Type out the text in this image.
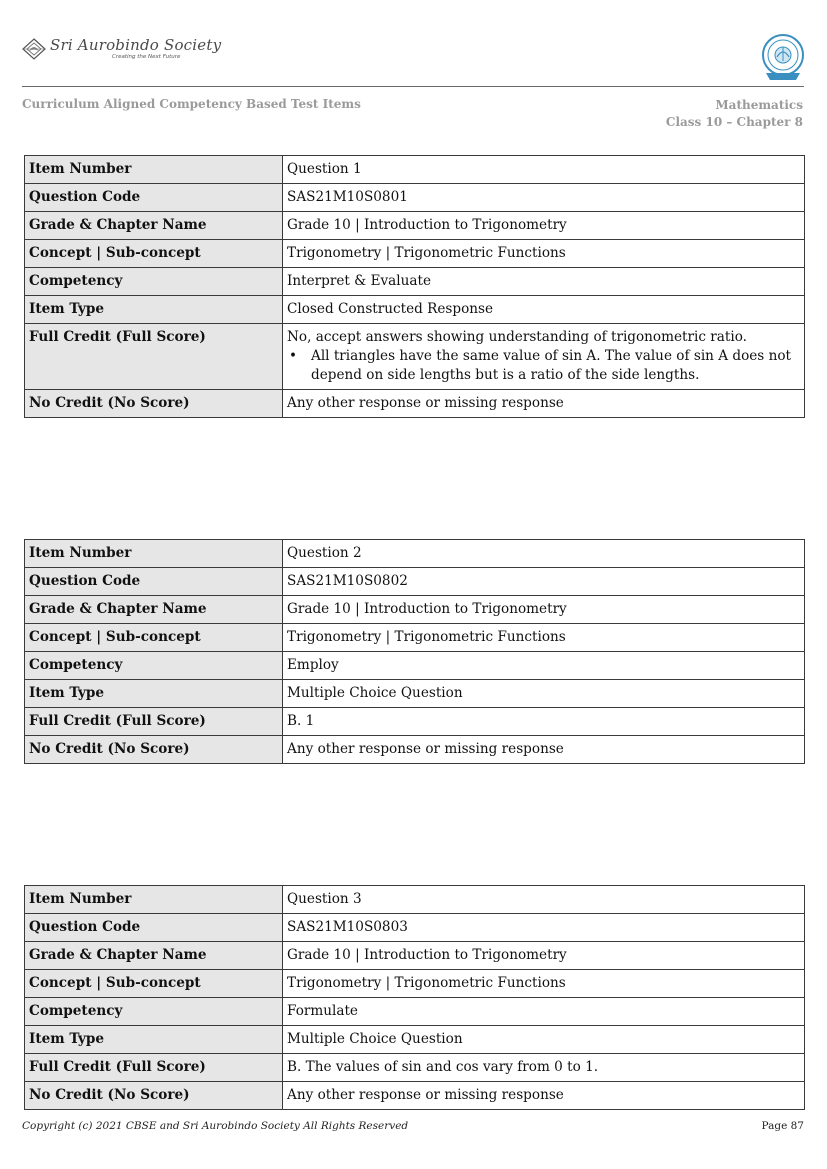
Sri Aurobindo Society
Creating the Next Future
Curriculum Aligned Competency Based Test Items	Mathematics
Class 10 – Chapter 8
Item Number	Question 1
Question Code	SAS21M10S0801
Grade & Chapter Name	Grade 10 | Introduction to Trigonometry
Concept | Sub-concept	Trigonometry | Trigonometric Functions
Competency	Interpret & Evaluate
Item Type	Closed Constructed Response
Full Credit (Full Score)	No, accept answers showing understanding of trigonometric ratio.
• All triangles have the same value of sin A. The value of sin A does not depend on side lengths but is a ratio of the side lengths.

No Credit (No Score)	Any other response or missing response
Item Number	Question 2
Question Code	SAS21M10S0802
Grade & Chapter Name	Grade 10 | Introduction to Trigonometry
Concept | Sub-concept	Trigonometry | Trigonometric Functions
Competency	Employ
Item Type	Multiple Choice Question
Full Credit (Full Score)	B. 1
No Credit (No Score)	Any other response or missing response
Item Number	Question 3
Question Code	SAS21M10S0803
Grade & Chapter Name	Grade 10 | Introduction to Trigonometry
Concept | Sub-concept	Trigonometry | Trigonometric Functions
Competency	Formulate
Item Type	Multiple Choice Question
Full Credit (Full Score)	B. The values of sin and cos vary from 0 to 1.
No Credit (No Score)	Any other response or missing response
Copyright (c) 2021 CBSE and Sri Aurobindo Society All Rights Reserved	Page 87
